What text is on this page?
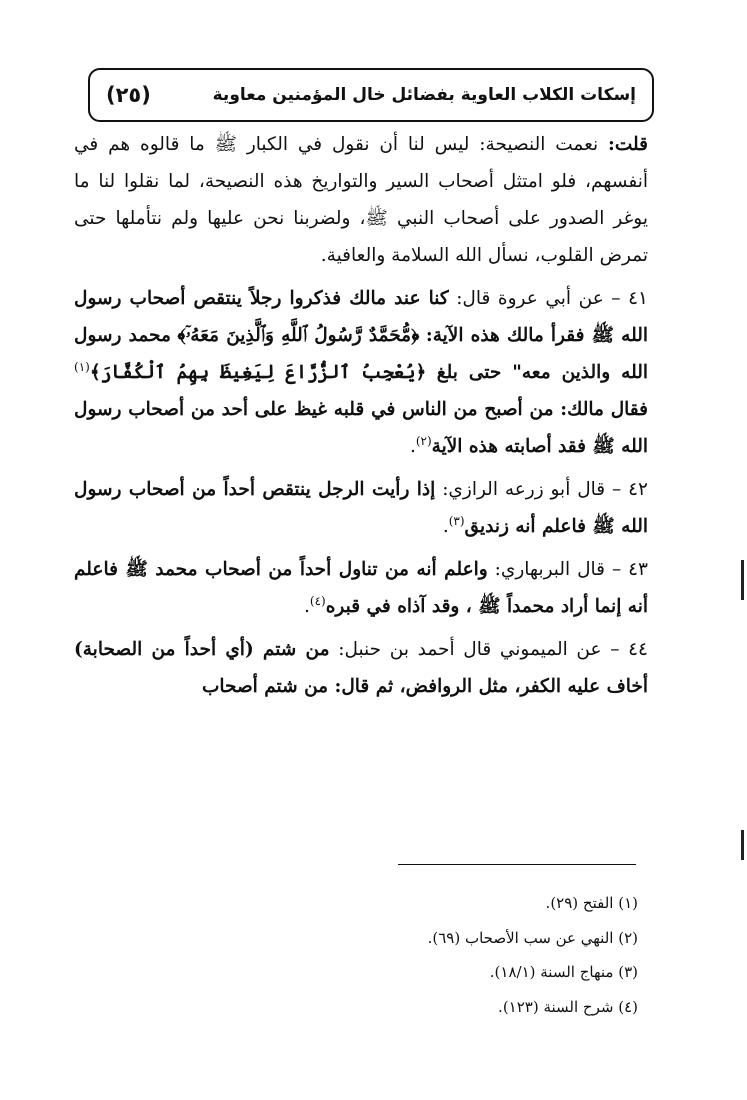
إسكات الكلاب العاوية بفضائل خال المؤمنين معاوية
(٢٥)

قلت: نعمت النصيحة: ليس لنا أن نقول في الكبار ﷺ ما قالوه هم في أنفسهم، فلو امتثل أصحاب السير والتواريخ هذه النصيحة، لما نقلوا لنا ما يوغر الصدور على أصحاب النبي ﷺ، ولضربنا نحن عليها ولم نتأملها حتى تمرض القلوب، نسأل الله السلامة والعافية.

٤١ – عن أبي عروة قال: كنا عند مالك فذكروا رجلاً ينتقص أصحاب رسول الله ﷺ فقرأ مالك هذه الآية: ﴿مُّحَمَّدٌ رَّسُولُ ٱللَّهِ وَٱلَّذِينَ مَعَهُۥٓ﴾ محمد رسول الله والذين معه" حتى بلغ ﴿يُعْجِبُ ٱلزُّرَّاعَ لِيَغِيظَ بِهِمُ ٱلْكُفَّارَ﴾$^{(١)}$ فقال مالك: من أصبح من الناس في قلبه غيظ على أحد من أصحاب رسول الله ﷺ فقد أصابته هذه الآية$^{(٢)}$.

٤٢ – قال أبو زرعه الرازي: إذا رأيت الرجل ينتقص أحداً من أصحاب رسول الله ﷺ فاعلم أنه زنديق$^{(٣)}$.

٤٣ – قال البربهاري: واعلم أنه من تناول أحداً من أصحاب محمد ﷺ فاعلم أنه إنما أراد محمداً ﷺ ، وقد آذاه في قبره$^{(٤)}$.

٤٤ – عن الميموني قال أحمد بن حنبل: من شتم (أي أحداً من الصحابة) أخاف عليه الكفر، مثل الروافض، ثم قال: من شتم أصحاب

(١) الفتح (٢٩).

(٢) النهي عن سب الأصحاب (٦٩).

(٣) منهاج السنة (١٨/١).

(٤) شرح السنة (١٢٣).
